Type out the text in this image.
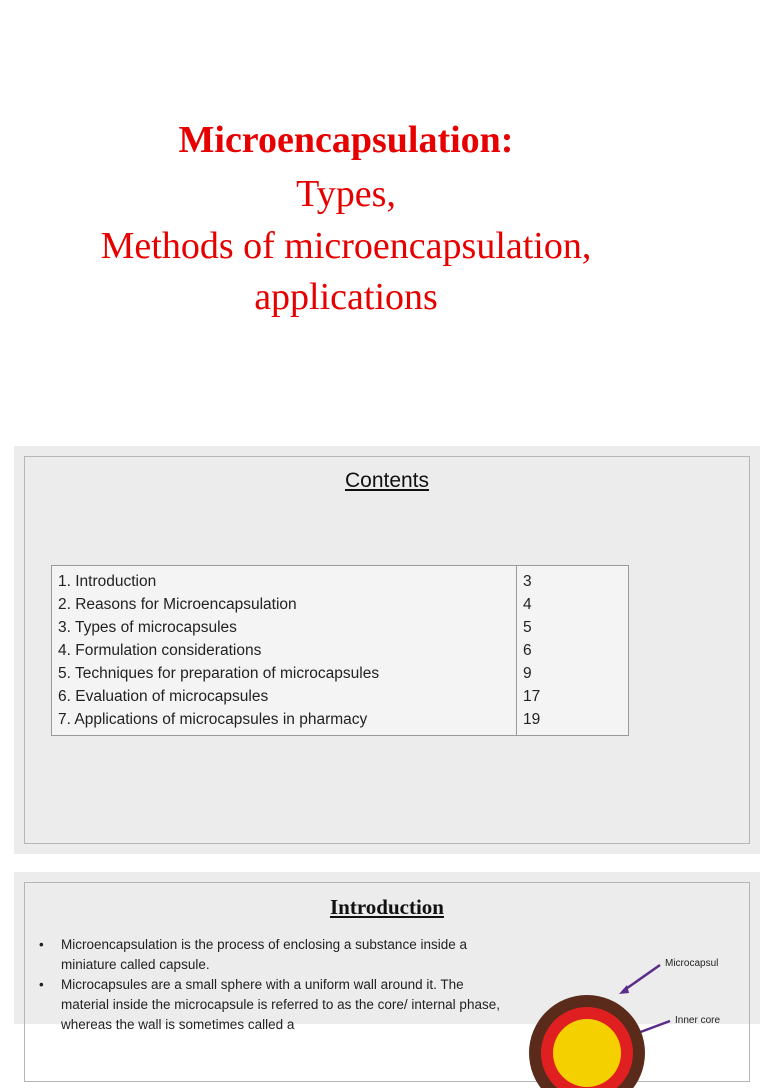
Microencapsulation:
Types,
Methods of microencapsulation,
applications
Contents
1. Introduction	3
2. Reasons for Microencapsulation	4
3. Types of microcapsules	5
4. Formulation considerations	6
5. Techniques for preparation of microcapsules	9
6. Evaluation of microcapsules	17
7. Applications of microcapsules in pharmacy	19
Introduction
• Microencapsulation is the process of enclosing a substance inside a miniature called capsule.
• Microcapsules are a small sphere with a uniform wall around it. The material inside the microcapsule is referred to as the core/ internal phase, whereas the wall is sometimes called a
Microcapsul
Inner core
